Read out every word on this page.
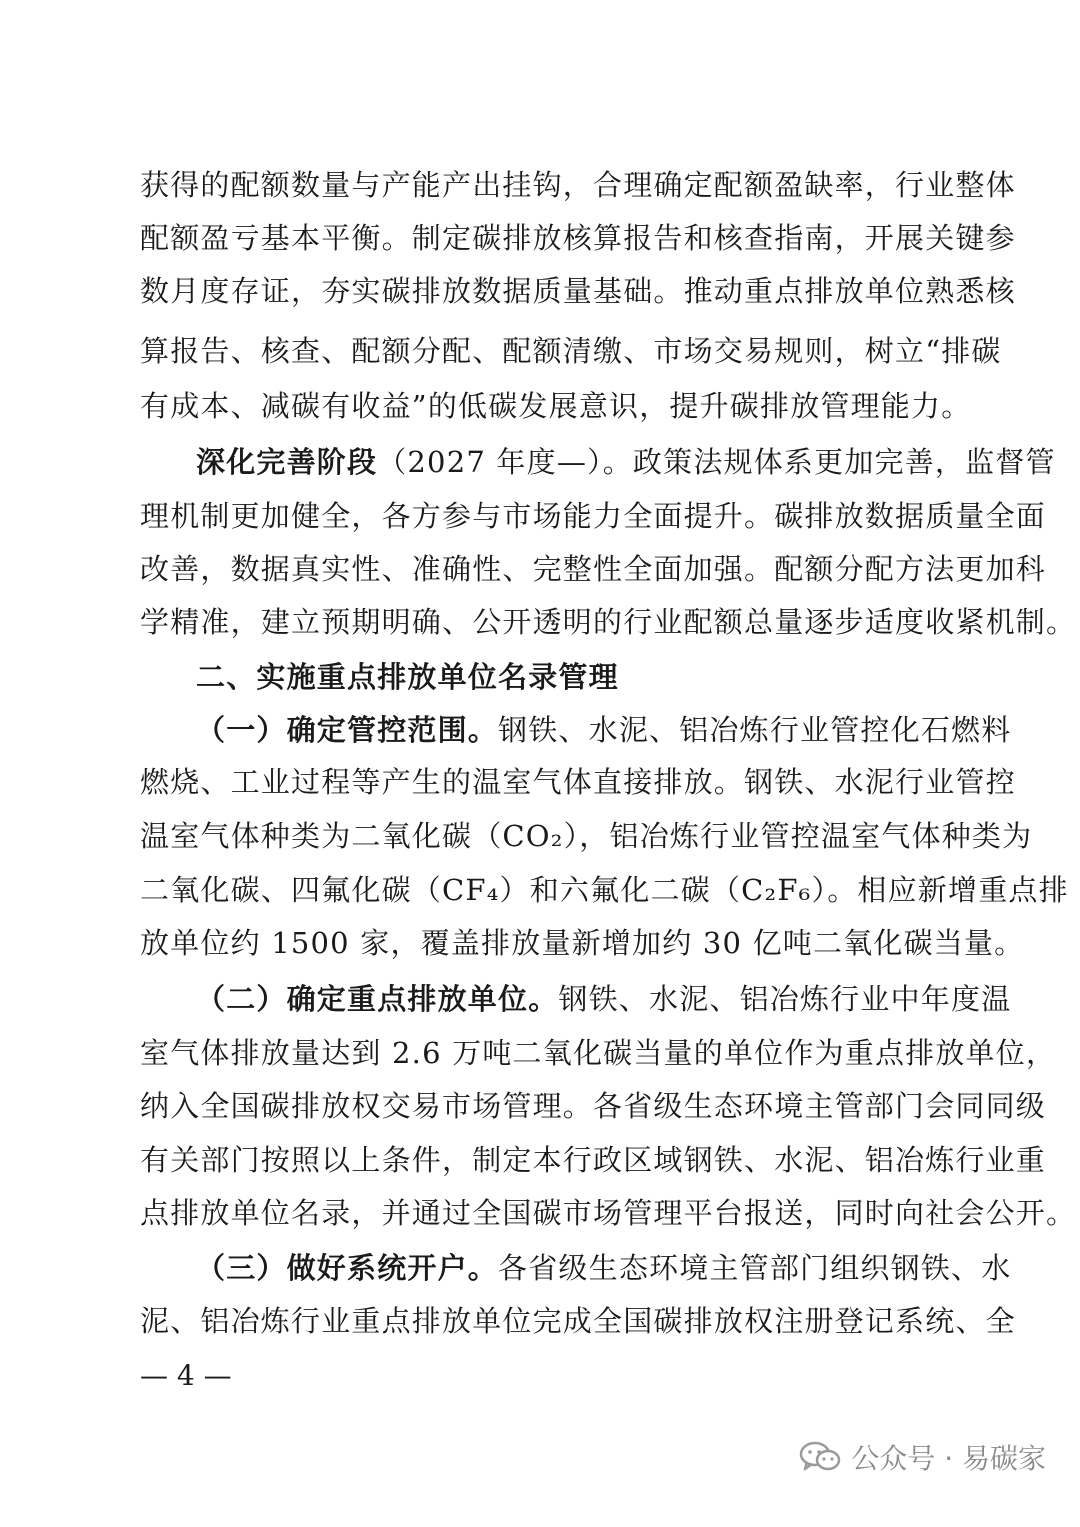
获得的配额数量与产能产出挂钩，合理确定配额盈缺率，行业整体
配额盈亏基本平衡。制定碳排放核算报告和核查指南，开展关键参
数月度存证，夯实碳排放数据质量基础。推动重点排放单位熟悉核
算报告、核查、配额分配、配额清缴、市场交易规则，树立“排碳
有成本、减碳有收益”的低碳发展意识，提升碳排放管理能力。
深化完善阶段（2027 年度—）。政策法规体系更加完善，监督管
理机制更加健全，各方参与市场能力全面提升。碳排放数据质量全面
改善，数据真实性、准确性、完整性全面加强。配额分配方法更加科
学精准，建立预期明确、公开透明的行业配额总量逐步适度收紧机制。
二、实施重点排放单位名录管理
（一）确定管控范围。钢铁、水泥、铝冶炼行业管控化石燃料
燃烧、工业过程等产生的温室气体直接排放。钢铁、水泥行业管控
温室气体种类为二氧化碳（CO₂），铝冶炼行业管控温室气体种类为
二氧化碳、四氟化碳（CF₄）和六氟化二碳（C₂F₆）。相应新增重点排
放单位约 1500 家，覆盖排放量新增加约 30 亿吨二氧化碳当量。
（二）确定重点排放单位。钢铁、水泥、铝冶炼行业中年度温
室气体排放量达到 2.6 万吨二氧化碳当量的单位作为重点排放单位，
纳入全国碳排放权交易市场管理。各省级生态环境主管部门会同同级
有关部门按照以上条件，制定本行政区域钢铁、水泥、铝冶炼行业重
点排放单位名录，并通过全国碳市场管理平台报送，同时向社会公开。
（三）做好系统开户。各省级生态环境主管部门组织钢铁、水
泥、铝冶炼行业重点排放单位完成全国碳排放权注册登记系统、全
— 4 —
公众号 · 易碳家
